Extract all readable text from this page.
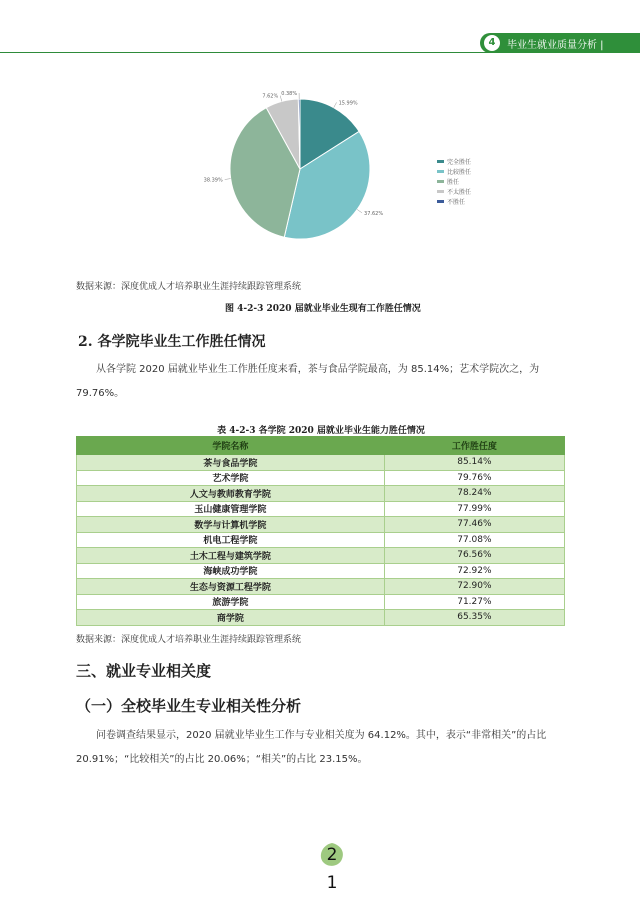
4	毕业生就业质量分析 |
0.38%
7.62%
15.99%
37.62%
38.39%
完全胜任
比较胜任
胜任
不太胜任
不胜任
数据来源：深度优成人才培养职业生涯持续跟踪管理系统
图 4-2-3 2020 届就业毕业生现有工作胜任情况
2. 各学院毕业生工作胜任情况
从各学院 2020 届就业毕业生工作胜任度来看，茶与食品学院最高，为 85.14%；艺术学院次之，为 79.76%。
表 4-2-3 各学院 2020 届就业毕业生能力胜任情况
学院名称	工作胜任度
茶与食品学院	85.14%
艺术学院	79.76%
人文与教师教育学院	78.24%
玉山健康管理学院	77.99%
数学与计算机学院	77.46%
机电工程学院	77.08%
土木工程与建筑学院	76.56%
海峡成功学院	72.92%
生态与资源工程学院	72.90%
旅游学院	71.27%
商学院	65.35%
数据来源：深度优成人才培养职业生涯持续跟踪管理系统
三、就业专业相关度
（一）全校毕业生专业相关性分析
问卷调查结果显示，2020 届就业毕业生工作与专业相关度为 64.12%。其中，表示“非常相关”的占比 20.91%；“比较相关”的占比 20.06%；“相关”的占比 23.15%。
2
1
